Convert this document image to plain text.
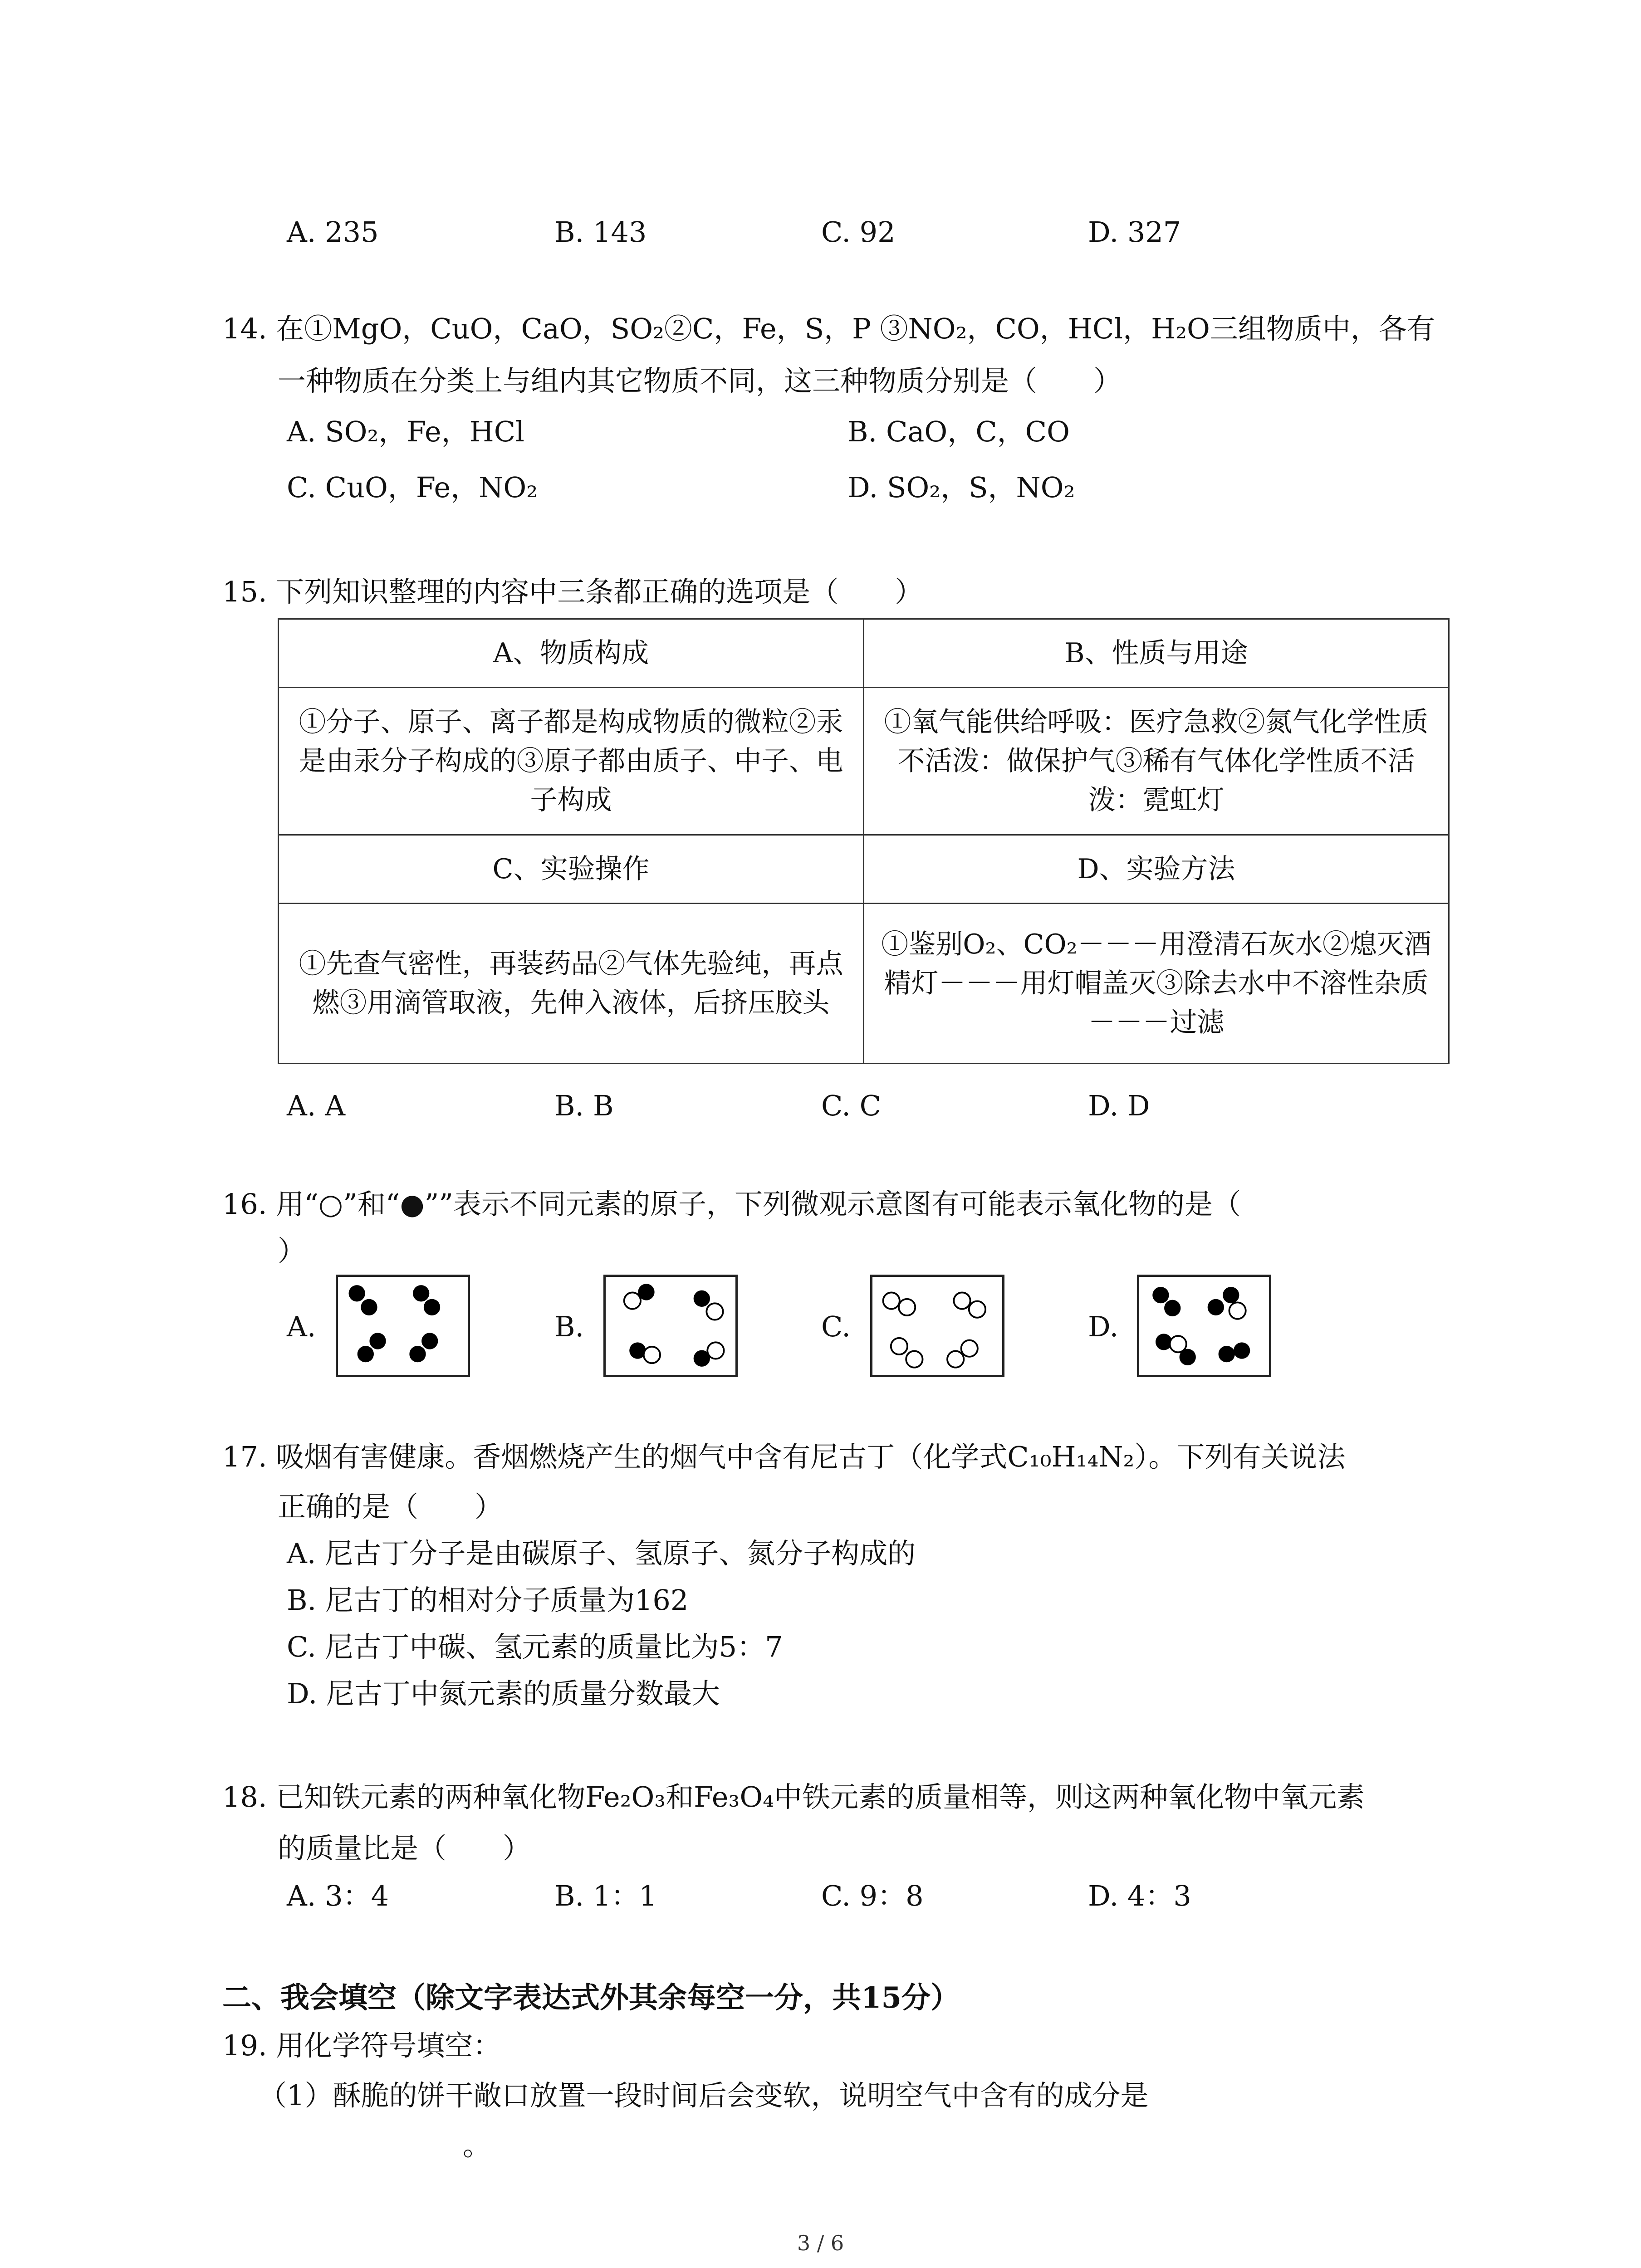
A. 235	B. 143	C. 92	D. 327
14. 在①MgO，CuO，CaO，SO₂②C，Fe，S，P ③NO₂，CO，HCl，H₂O三组物质中，各有
一种物质在分类上与组内其它物质不同，这三种物质分别是（　　）
A. SO₂，Fe，HCl	B. CaO，C，CO
C. CuO，Fe，NO₂	D. SO₂，S，NO₂
15. 下列知识整理的内容中三条都正确的选项是（　　）
A、物质构成	B、性质与用途
①分子、原子、离子都是构成物质的微粒②汞是由汞分子构成的③原子都由质子、中子、电子构成	①氧气能供给呼吸：医疗急救②氮气化学性质不活泼：做保护气③稀有气体化学性质不活泼：霓虹灯
C、实验操作	D、实验方法
①先查气密性，再装药品②气体先验纯，再点燃③用滴管取液，先伸入液体，后挤压胶头	①鉴别O₂、CO₂－－－用澄清石灰水②熄灭酒精灯－－－用灯帽盖灭③除去水中不溶性杂质－－－过滤
A. A	B. B	C. C	D. D
16. 用“○”和“●””表示不同元素的原子，下列微观示意图有可能表示氧化物的是（
）
A.	B.	C.	D.
17. 吸烟有害健康。香烟燃烧产生的烟气中含有尼古丁（化学式C₁₀H₁₄N₂）。下列有关说法
正确的是（　　）
A. 尼古丁分子是由碳原子、氢原子、氮分子构成的
B. 尼古丁的相对分子质量为162
C. 尼古丁中碳、氢元素的质量比为5：7
D. 尼古丁中氮元素的质量分数最大
18. 已知铁元素的两种氧化物Fe₂O₃和Fe₃O₄中铁元素的质量相等，则这两种氧化物中氧元素
的质量比是（　　）
A. 3：4	B. 1：1	C. 9：8	D. 4：3
二、我会填空（除文字表达式外其余每空一分，共15分）
19. 用化学符号填空：
（1）酥脆的饼干敞口放置一段时间后会变软，说明空气中含有的成分是
。
3 / 6
